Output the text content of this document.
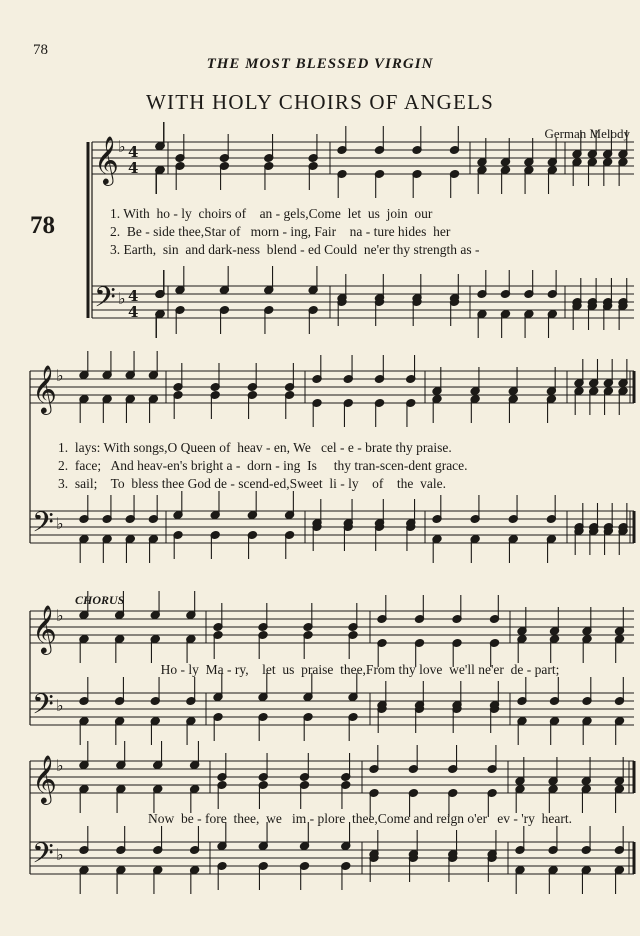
78
THE MOST BLESSED VIRGIN
WITH HOLY CHOIRS OF ANGELS
German Melody
78
CHORUS
1. With  ho - ly  choirs of    an - gels,Come  let  us  join  our
2.  Be - side thee,Star of   morn - ing, Fair    na - ture hides  her
3. Earth,  sin  and dark-ness  blend - ed Could  ne'er thy strength as -
1.  lays: With songs,O Queen of  heav - en, We   cel - e - brate thy praise.
2.  face;   And heav-en's bright a -  dorn - ing  Is     thy tran-scen-dent grace.
3.  sail;    To  bless thee God de - scend-ed,Sweet  li - ly    of    the  vale.
Ho - ly  Ma - ry,    let  us  praise  thee,From thy love  we'll ne'er  de - part;
Now  be - fore  thee,  we   im - plore  thee,Come and reign o'er   ev - 'ry  heart.
𝄞
𝄢
♭
♭
4
4
4
4
𝄞
𝄢
♭
♭
𝄞
𝄢
♭
♭
𝄞
𝄢
♭
♭
